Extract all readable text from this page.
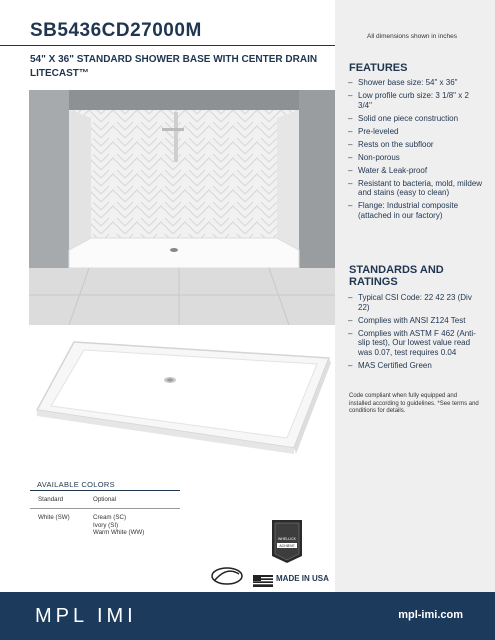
SB5436CD27000M
54" X 36" STANDARD SHOWER BASE WITH CENTER DRAIN LITECAST™
All dimensions shown in inches
FEATURES
– Shower base size: 54" x 36"
– Low profile curb size: 3 1/8" x 2 3/4"
– Solid one piece construction
– Pre-leveled
– Rests on the subfloor
– Non-porous
– Water & Leak-proof
– Resistant to bacteria, mold, mildew and stains (easy to clean)
– Flange: Industrial composite (attached in our factory)
STANDARDS AND RATINGS
– Typical CSI Code: 22 42 23 (Div 22)
– Complies with ANSI Z124 Test
– Complies with ASTM F 462 (Anti-slip test), Our lowest value read was 0.07, test requires 0.04
– MAS Certified Green
Code compliant when fully equipped and installed according to guidelines. *See terms and conditions for details.
AVAILABLE COLORS
Standard	Optional
White (SW)	Cream (SC)
Ivory (SI)
Warm White (WW)
WHELLICK
ACHIEVE
MADE IN USA
MPL IMI	mpl-imi.com
